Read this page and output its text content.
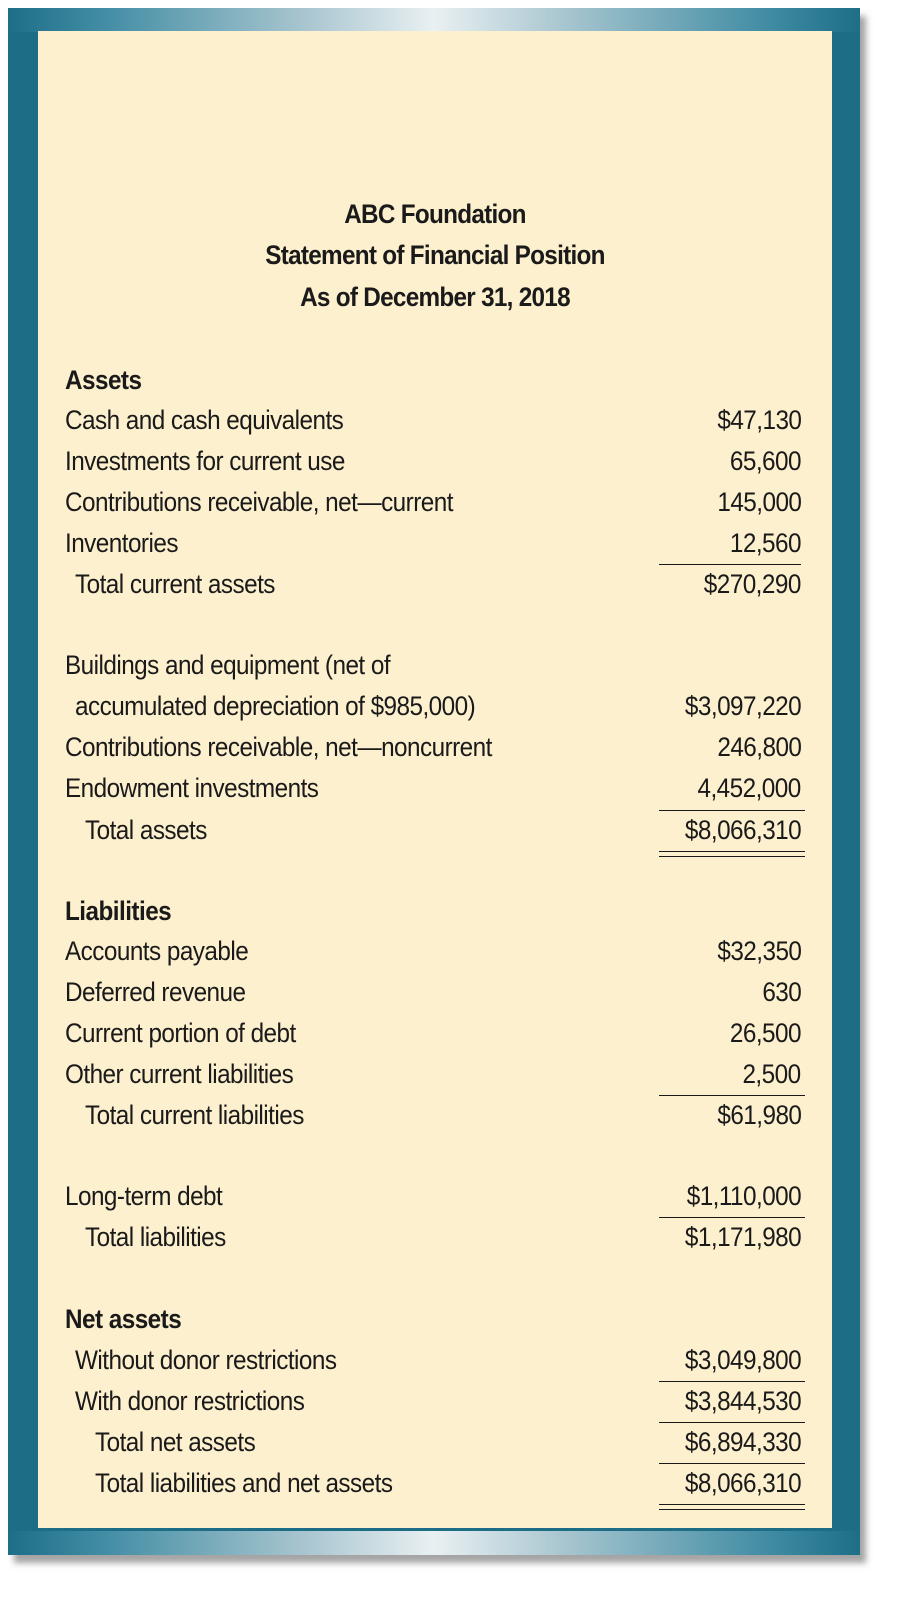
ABC Foundation
Statement of Financial Position
As of December 31, 2018
Assets
Cash and cash equivalents	$47,130
Investments for current use	65,600
Contributions receivable, net—current	145,000
Inventories	12,560
Total current assets	$270,290
Buildings and equipment (net of
accumulated depreciation of $985,000)	$3,097,220
Contributions receivable, net—noncurrent	246,800
Endowment investments	4,452,000
Total assets	$8,066,310
Liabilities
Accounts payable	$32,350
Deferred revenue	630
Current portion of debt	26,500
Other current liabilities	2,500
Total current liabilities	$61,980
Long-term debt	$1,110,000
Total liabilities	$1,171,980
Net assets
Without donor restrictions	$3,049,800
With donor restrictions	$3,844,530
Total net assets	$6,894,330
Total liabilities and net assets	$8,066,310
